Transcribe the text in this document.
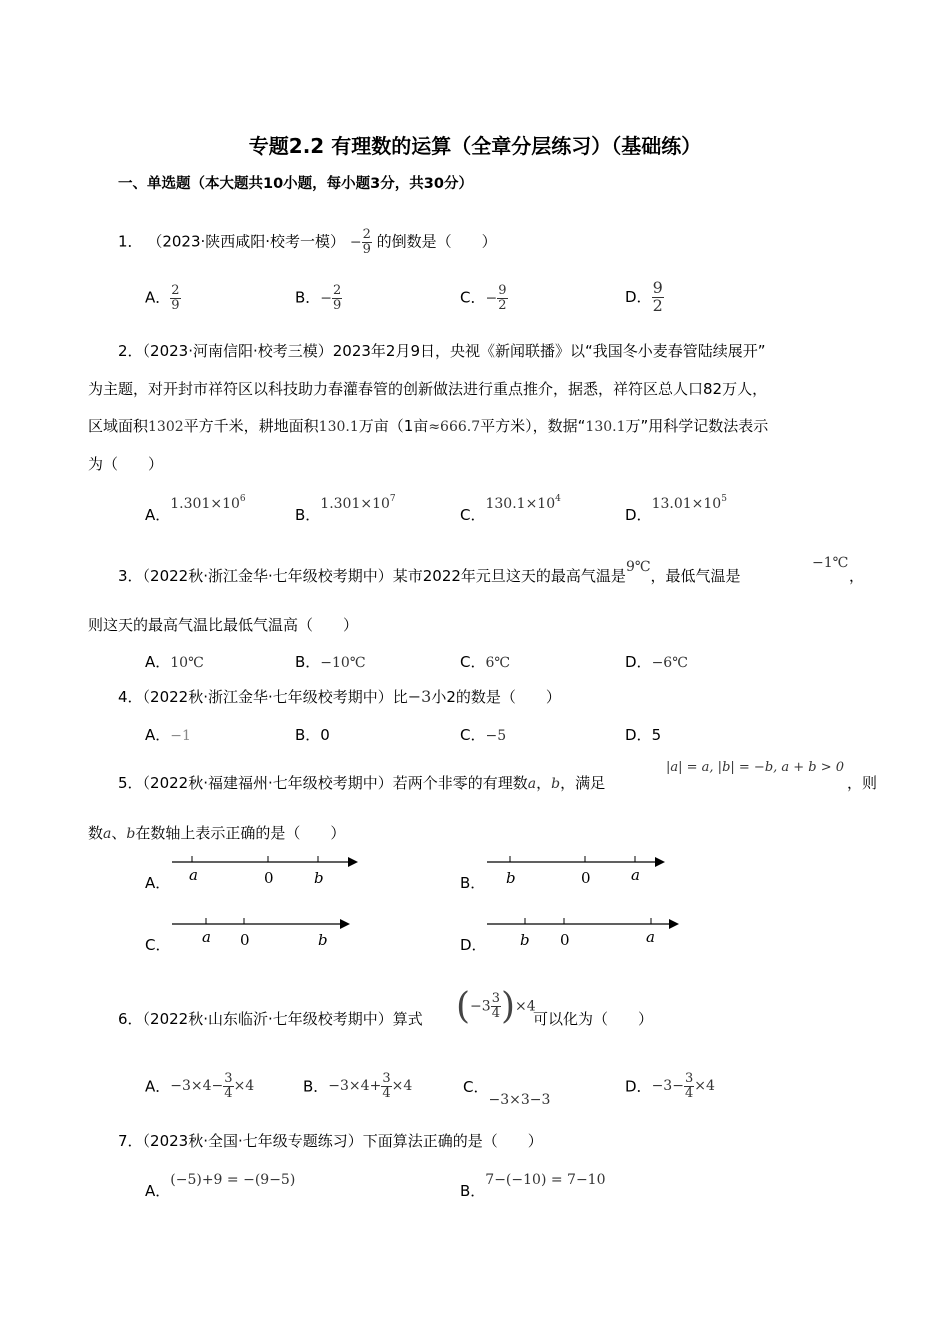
专题2.2 有理数的运算（全章分层练习）（基础练）
一、单选题（本大题共10小题，每小题3分，共30分）
1． （2023·陕西咸阳·校考一模） − $\frac{2}{9}$ 的倒数是（　　）
A． $\frac{2}{9}$	B．− $\frac{2}{9}$	C．− $\frac{9}{2}$	D． $\frac{9}{2}$
2．（2023·河南信阳·校考三模）2023年2月9日，央视《新闻联播》以“我国冬小麦春管陆续展开”
为主题，对开封市祥符区以科技助力春灌春管的创新做法进行重点推介，据悉，祥符区总人口82万人，
区域面积1302平方千米，耕地面积130.1万亩（1亩≈666.7平方米），数据“130.1万”用科学记数法表示
为（　　）
A．$1.301\times 10^6$
B．$1.301\times 10^7$
C．$130.1\times 10^4$
D．$13.01\times 10^5$
3．（2022秋·浙江金华·七年级校考期中）某市2022年元旦这天的最高气温是9℃，最低气温是
−1℃
，
则这天的最高气温比最低气温高（　　）
A．10℃	B．−10℃	C．6℃	D．−6℃
4．（2022秋·浙江金华·七年级校考期中）比−3小2的数是（　　）
A．−1	B．0	C．−5	D．5
5．（2022秋·福建福州·七年级校考期中）若两个非零的有理数a，b，满足
|a| = a, |b| = −b, a + b > 0
，则
数a、b在数轴上表示正确的是（　　）
A． a	0	b	B． b	0	a
C． a 0	b	D． b 0	a
6．（2022秋·山东临沂·七年级校考期中）算式 $(-3 \frac{3}{4} )\times 4$
可以化为（　　）
A．$-3\times 4- \frac{3}{4} \times 4$	B．$-3\times 4+ \frac{3}{4} \times 4$	C．−3×3−3
D．$-3- \frac{3}{4} \times 4$
7．（2023秋·全国·七年级专题练习）下面算法正确的是（　　）
A．(−5)+9 = −(9−5)
B．7−(−10) = 7−10
